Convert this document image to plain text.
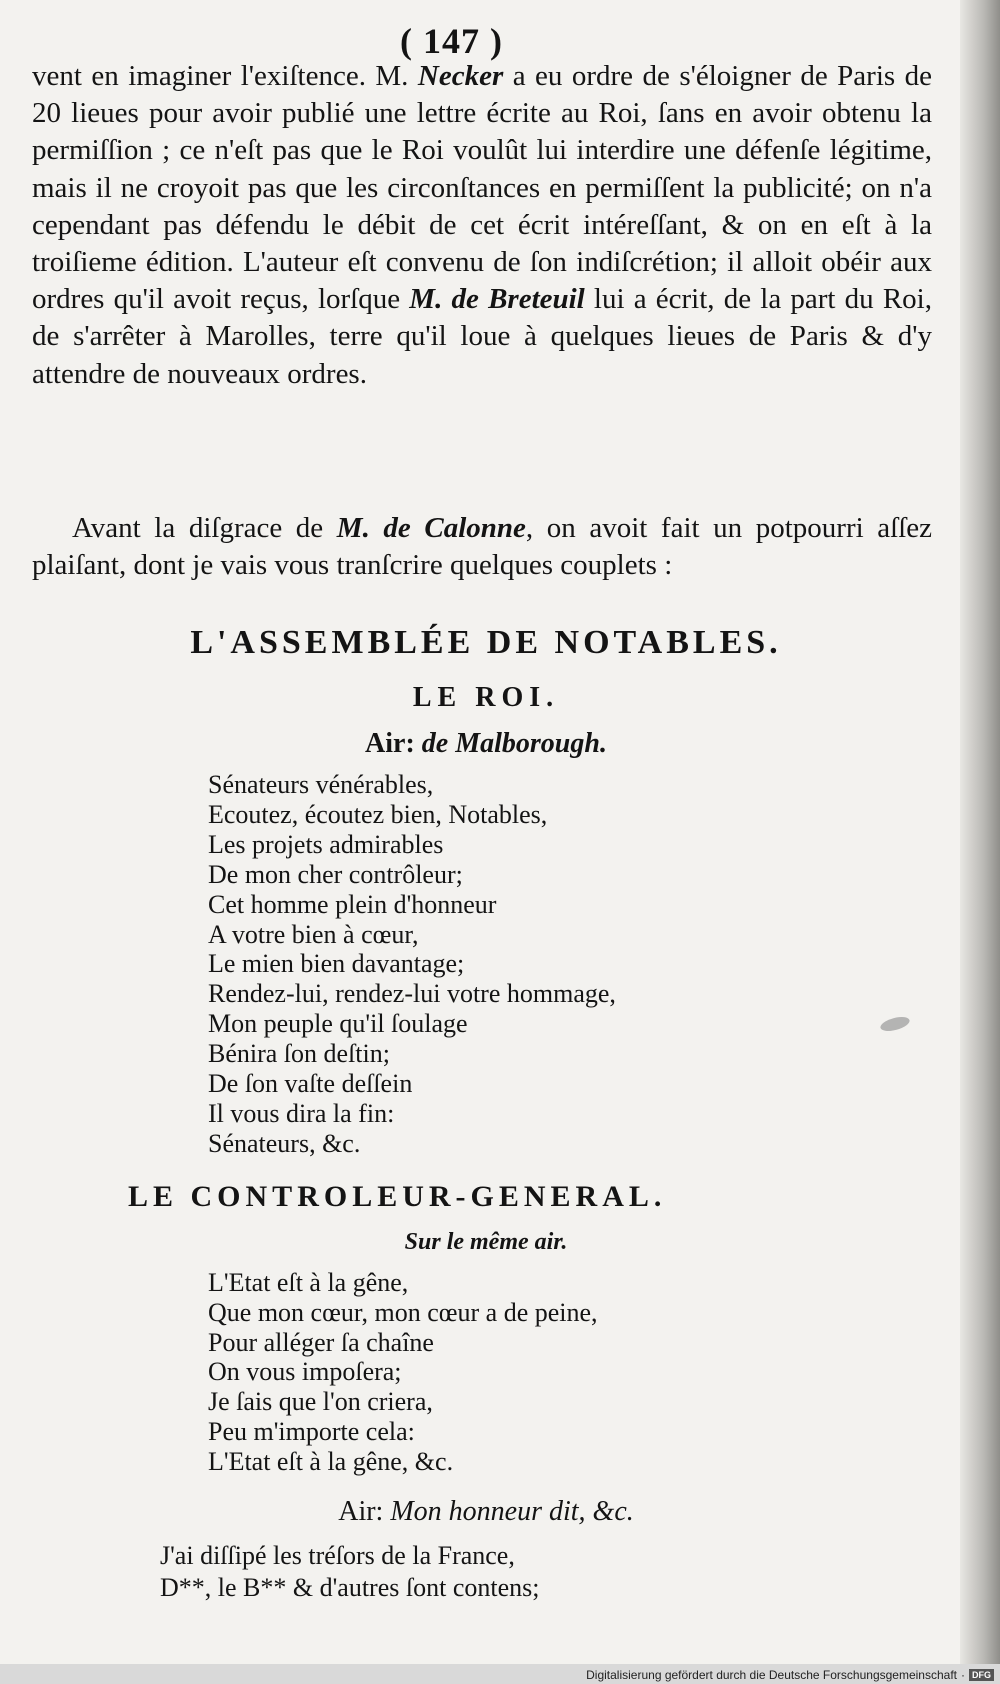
( 147 )

vent en imaginer l'exiſtence. M. Necker a eu ordre de s'éloigner de Paris de 20 lieues pour avoir publié une lettre écrite au Roi, ſans en avoir obtenu la permiſſion ; ce n'eſt pas que le Roi voulût lui interdire une défenſe légitime, mais il ne croyoit pas que les circonſtances en permiſſent la publicité; on n'a cependant pas défendu le débit de cet écrit intéreſſant, & on en eſt à la troiſieme édition. L'auteur eſt convenu de ſon indiſcrétion; il alloit obéir aux ordres qu'il avoit reçus, lorſque M. de Breteuil lui a écrit, de la part du Roi, de s'arrêter à Marolles, terre qu'il loue à quelques lieues de Paris & d'y attendre de nouveaux ordres.

Avant la diſgrace de M. de Calonne, on avoit fait un potpourri aſſez plaiſant, dont je vais vous tranſcrire quelques couplets :

L'ASSEMBLÉE DE NOTABLES.
LE ROI.
Air: de Malborough.
Sénateurs vénérables,
Ecoutez, écoutez bien, Notables,
Les projets admirables
De mon cher contrôleur;
Cet homme plein d'honneur
A votre bien à cœur,
Le mien bien davantage;
Rendez-lui, rendez-lui votre hommage,
Mon peuple qu'il ſoulage
Bénira ſon deſtin;
De ſon vaſte deſſein
Il vous dira la fin:
Sénateurs, &c.
LE CONTROLEUR-GENERAL.
Sur le même air.
L'Etat eſt à la gêne,
Que mon cœur, mon cœur a de peine,
Pour alléger ſa chaîne
On vous impoſera;
Je ſais que l'on criera,
Peu m'importe cela:
L'Etat eſt à la gêne, &c.
Air: Mon honneur dit, &c.
J'ai diſſipé les tréſors de la France,
D**, le B** & d'autres ſont contens;
Digitalisierung gefördert durch die Deutsche Forschungsgemeinschaft · DFG
